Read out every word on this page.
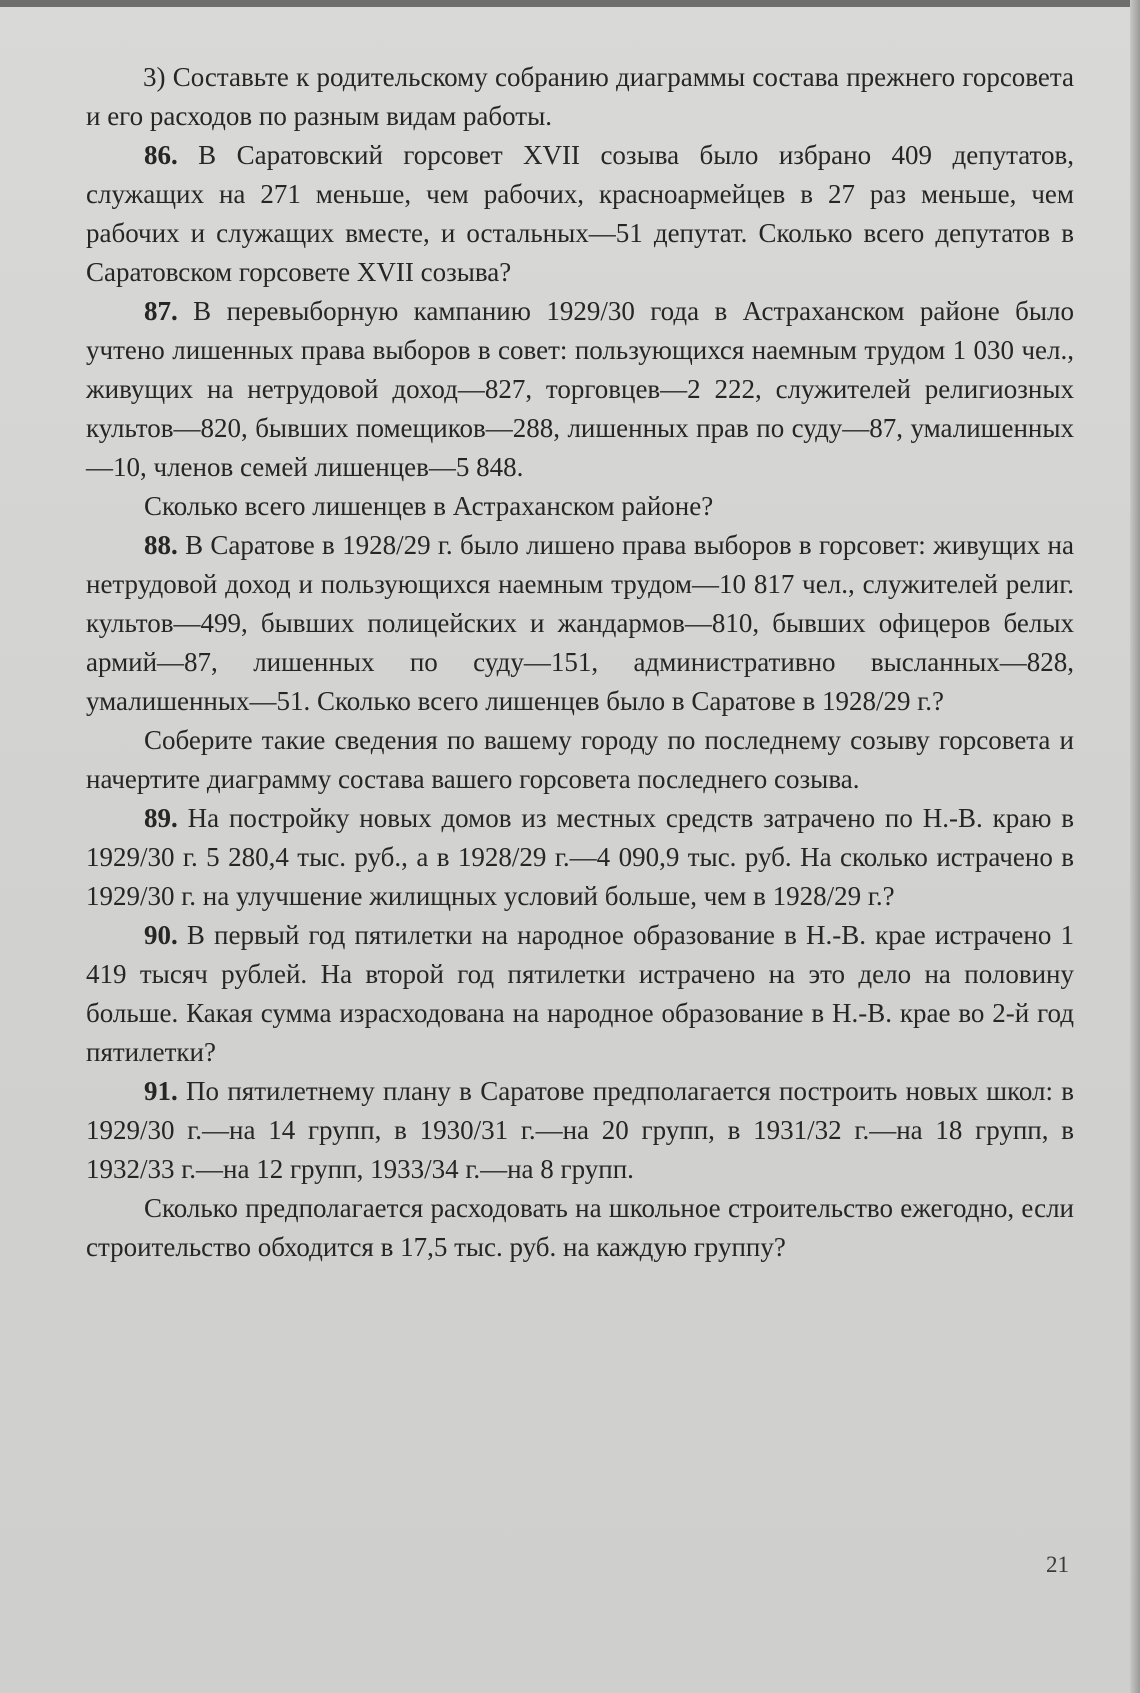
3) Составьте к родительскому собранию диаграммы состава прежнего горсовета и его расходов по разным видам работы.

86. В Саратовский горсовет XVII созыва было избрано 409 депутатов, служащих на 271 меньше, чем рабочих, красноармейцев в 27 раз меньше, чем рабочих и служащих вместе, и остальных—51 депутат. Сколько всего депутатов в Саратовском горсовете XVII созыва?

87. В перевыборную кампанию 1929/30 года в Астраханском районе было учтено лишенных права выборов в совет: пользующихся наемным трудом 1 030 чел., живущих на нетрудовой доход—827, торговцев—2 222, служителей религиозных культов—820, бывших помещиков—288, лишенных прав по суду—87, умалишенных—10, членов семей лишенцев—5 848.

Сколько всего лишенцев в Астраханском районе?

88. В Саратове в 1928/29 г. было лишено права выборов в горсовет: живущих на нетрудовой доход и пользующихся наемным трудом—10 817 чел., служителей религ. культов—499, бывших полицейских и жандармов—810, бывших офицеров белых армий—87, лишенных по суду—151, административно высланных—828, умалишенных—51. Сколько всего лишенцев было в Саратове в 1928/29 г.?

Соберите такие сведения по вашему городу по последнему созыву горсовета и начертите диаграмму состава вашего горсовета последнего созыва.

89. На постройку новых домов из местных средств затрачено по Н.-В. краю в 1929/30 г. 5 280,4 тыс. руб., а в 1928/29 г.—4 090,9 тыс. руб. На сколько истрачено в 1929/30 г. на улучшение жилищных условий больше, чем в 1928/29 г.?

90. В первый год пятилетки на народное образование в Н.-В. крае истрачено 1 419 тысяч рублей. На второй год пятилетки истрачено на это дело на половину больше. Какая сумма израсходована на народное образование в Н.-В. крае во 2-й год пятилетки?

91. По пятилетнему плану в Саратове предполагается построить новых школ: в 1929/30 г.—на 14 групп, в 1930/31 г.—на 20 групп, в 1931/32 г.—на 18 групп, в 1932/33 г.—на 12 групп, 1933/34 г.—на 8 групп.

Сколько предполагается расходовать на школьное строительство ежегодно, если строительство обходится в 17,5 тыс. руб. на каждую группу?

21
